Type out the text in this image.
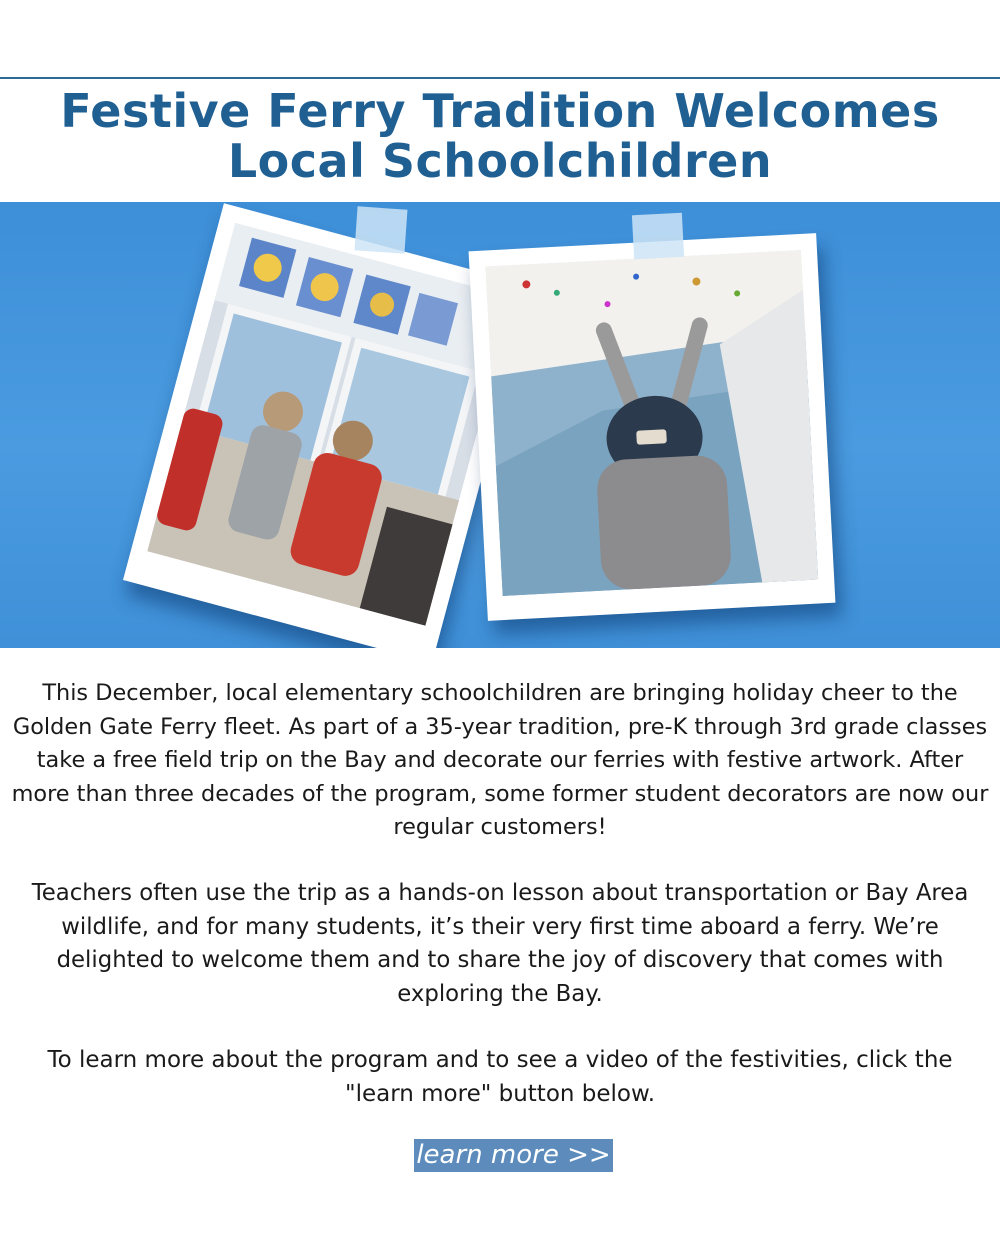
Festive Ferry Tradition Welcomes
Local Schoolchildren

This December, local elementary schoolchildren are bringing holiday cheer to the Golden Gate Ferry fleet. As part of a 35-year tradition, pre-K through 3rd grade classes take a free field trip on the Bay and decorate our ferries with festive artwork. After more than three decades of the program, some former student decorators are now our regular customers!

Teachers often use the trip as a hands-on lesson about transportation or Bay Area wildlife, and for many students, it’s their very first time aboard a ferry. We’re delighted to welcome them and to share the joy of discovery that comes with exploring the Bay.

To learn more about the program and to see a video of the festivities, click the "learn more" button below.

learn more >>
